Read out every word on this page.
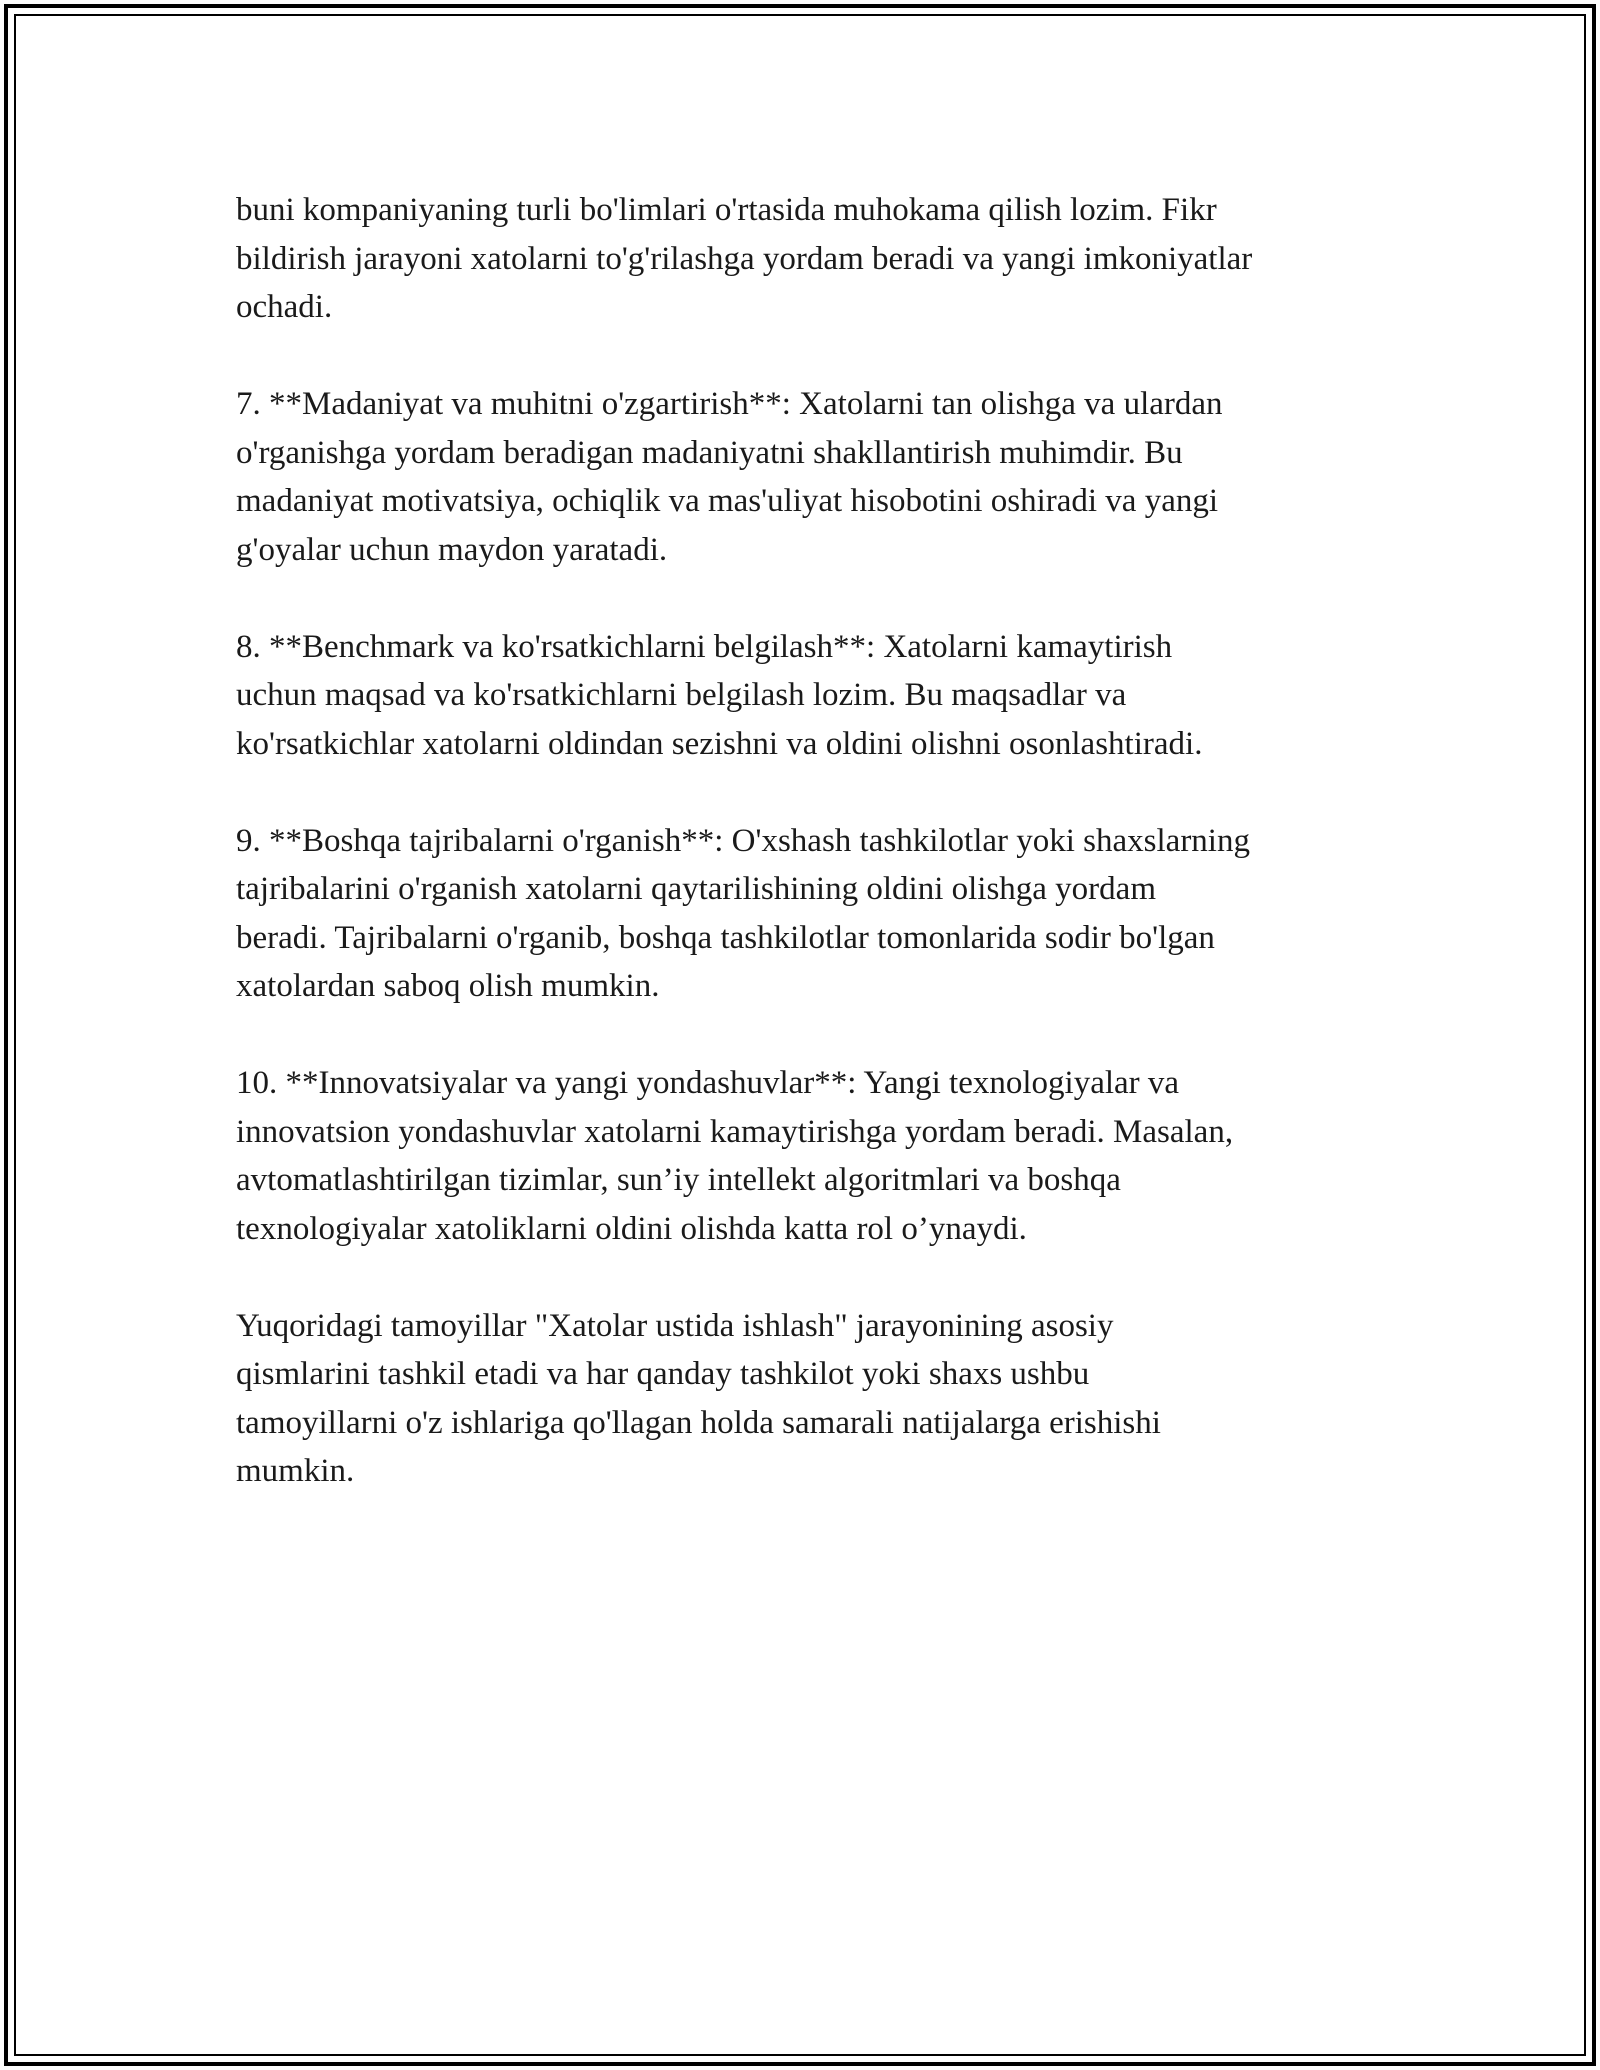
buni kompaniyaning turli bo'limlari o'rtasida muhokama qilish lozim. Fikr
bildirish jarayoni xatolarni to'g'rilashga yordam beradi va yangi imkoniyatlar
ochadi.

7. **Madaniyat va muhitni o'zgartirish**: Xatolarni tan olishga va ulardan
o'rganishga yordam beradigan madaniyatni shakllantirish muhimdir. Bu
madaniyat motivatsiya, ochiqlik va mas'uliyat hisobotini oshiradi va yangi
g'oyalar uchun maydon yaratadi.

8. **Benchmark va ko'rsatkichlarni belgilash**: Xatolarni kamaytirish
uchun maqsad va ko'rsatkichlarni belgilash lozim. Bu maqsadlar va
ko'rsatkichlar xatolarni oldindan sezishni va oldini olishni osonlashtiradi.

9. **Boshqa tajribalarni o'rganish**: O'xshash tashkilotlar yoki shaxslarning
tajribalarini o'rganish xatolarni qaytarilishining oldini olishga yordam
beradi. Tajribalarni o'rganib, boshqa tashkilotlar tomonlarida sodir bo'lgan
xatolardan saboq olish mumkin.

10. **Innovatsiyalar va yangi yondashuvlar**: Yangi texnologiyalar va
innovatsion yondashuvlar xatolarni kamaytirishga yordam beradi. Masalan,
avtomatlashtirilgan tizimlar, sun’iy intellekt algoritmlari va boshqa
texnologiyalar xatoliklarni oldini olishda katta rol o’ynaydi.

Yuqoridagi tamoyillar "Xatolar ustida ishlash" jarayonining asosiy
qismlarini tashkil etadi va har qanday tashkilot yoki shaxs ushbu
tamoyillarni o'z ishlariga qo'llagan holda samarali natijalarga erishishi
mumkin.
